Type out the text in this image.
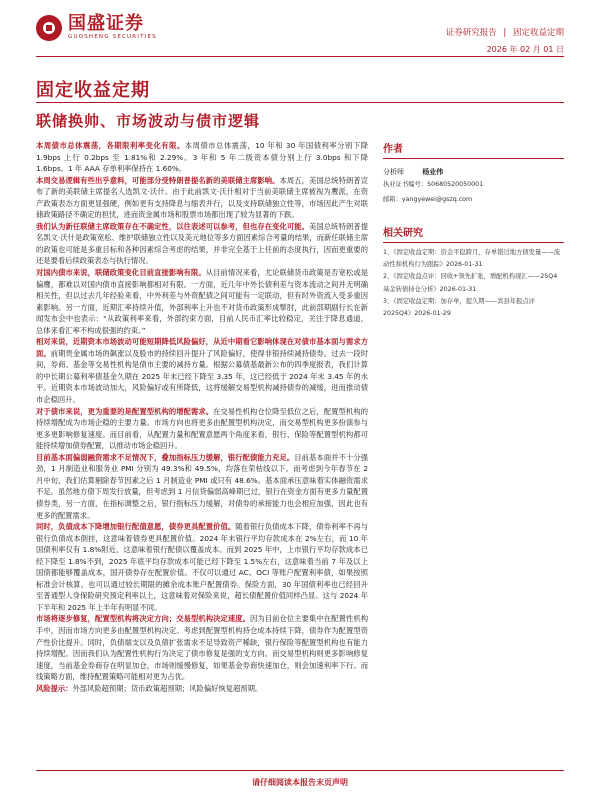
国盛证券
GUOSHENG SECURITIES	证券研究报告 | 固定收益定期
2026 年 02 月 01 日
固定收益定期
联储换帅、市场波动与债市逻辑

本周债市总体震荡，各期限利率变化有限。本周债市总体震荡，10 年和 30 年国债利率分别下降 1.9bps 上行 0.2bps 至 1.81%和 2.29%。3 年和 5 年二级资本债分别上行 3.0bps 和下降 1.6bps。1 年 AAA 存单利率保持在 1.60%。

本周交易逻辑有些出乎意料，可能部分受特朗普提名新的美联储主席影响。本周五，美国总统特朗普宣布了新的美联储主席提名人选凯文·沃什。由于此前凯文·沃什相对于当前美联储主席被视为鹰派，在资产政策表态方面更显强硬，例如更有支持降息与缩表并行，以及支持联储独立性等，市场因此产生对联储政策路径不确定的担忧，进而资金属市场和股票市场都出现了较为显著的下跌。

我们认为新任联储主席政策存在不确定性，以往表述可以参考，但也存在变化可能。美国总统特朗普提名凯文·沃什是政策宽松、维护联储独立性以及美元地位等多方面因素综合考量的结果，而新任联储主席的政策也可能是多重目标和各种因素综合考虑的结果，并非完全基于上任前的态度执行，因而更重要的还是要看后续政策表态与执行情况。

对国内债市来说，联储政策变化目前直接影响有限。从目前情况来看，尤论联储货币政策是否宽松或是偏鹰，都难以对国内债市直接影响都相对有限。一方面，近几年中外长债利差与资本流动之间并无明确相关性，但以过去几年经验来看，中外利差与外资配债之间可能有一定联动，但有时外资流入受多重因素影响。另一方面，近期汇率持续升值，外部利率上升也不对货币政策形成掣肘，此前部期副行长在新闻发布会中也表示：“从政策利率来看，外部约束方面，目前人民币汇率比较稳定，关注于降息通道，总体来看汇率不构成很强的约束。”

相对来说，近期资本市场波动可能短期降低风险偏好，从近中期看它影响体现在对债市基本面与需求方面。前期贵金属市场的飙涨以及股市的持续回升提升了风险偏好，使得非银持续减持债券。过去一段时间，券商、基金等交易性机构是债市主要的减持方量。根据公募债基最新公布的四季度报表，我们计算的中长期公募利率债基金久期在 2025 年末已经下降至 3.35 年，这已经低于 2024 年末 3.45 年的水平。近期资本市场波动加大，风险偏好或有所降低，这将缓解交易型机构减持债券的减缓，进而推动债市企稳回升。

对于债市来说，更为重要的是配置型机构的增配需求。在交易性机构仓位降至低位之后，配置型机构的持续增配成为市场企稳的主要力量。市场方向也将更多由配置型机构决定，而交易型机构更多扮演参与更多更影响修复速度。而目前看，从配置力量和配置意愿两个角度来看，银行、保险等配置型机构都可能持续增加债券配置，以推动市场企稳回升。

目前基本面偏弱融资需求不足情况下，叠加指标压力缓解，银行配债能力充足。目前基本面并不十分强劲，1 月制造业和服务业 PMI 分别为 49.3%和 49.5%，均落在荣枯线以下。而考虑到今年春节在 2 月中旬，我们估算剔除春节因素之后 1 月制造业 PMI 或只有 48.6%。基本面承压意味着实体融资需求不足。虽然地方债下周发行放量，但考虑到 1 月信贷偏弱高峰期已过，银行在资金方面有更多力量配置债券类，另一方面，在指标调整之后，银行指标压力缓解，对债券的承接能力也会相应加强，因此也有更多的配置需求。

同时，负债成本下降增加银行配债意愿，债券更具配置价值。随着银行负债成本下降，债券利率不再与银行负债成本倒挂，这意味着债券更具配置价值。2024 年末银行平均存款成本在 2%左右，而 10 年国债利率仅有 1.8%附近，这意味着银行配债以覆盖成本。而到 2025 年中，上市银行平均存款成本已经下降至 1.8%不到，2025 年底平均存款成本可能已经下降至 1.5%左右，这意味着当前 7 年及以上国债都能够覆盖成本，国开债券存在配置价值。不仅可以通过 AC、OCI 等账户配置利率债，如果按照标准会计核算，也可以通过较长期限的摊余成本账户配置债券。保险方面，30 年国债利率也已经回升至普通型人身保险研究预定利率以上，这意味着对保险来说，超长债配置价值同样凸显。这与 2024 年下半年和 2025 年上半年有明显不同。

市场将逐步修复，配置型机构将决定方向；交易型机构决定速度。因为目前仓位主要集中在配置性机构手中，因而市场方向更多由配置型机构决定。考虑到配置型机构持仓成本持续下降，债券作为配置型资产性价比提升。同时，负债端支以及负债扩张需求不足导致资产稀缺，银行保险等配置型机构也有能力持续增配。因而我们认为配置性机构行为决定了债市修复是强的支方向。而交易型机构则更多影响修复速度，当前基金券商存在明显加仓，市场则缓慢修复，如果基金券商快速加仓，则会加速利率下行。而线策略方面，维持配置策略可能相对更为占优。

风险提示：外部风险超预期；货币政策超预期；风险偏好恢复超预期。

作者
分析师	杨业伟
执业证书编号：S0680520050001
邮箱：yangyewei@gszq.com
相关研究
1、《固定收益定期：资金平稳跨月，存单错过地方债发量——流动性和机构行为跟踪》2026-01-31
2、《固定收益点评：回收+领先扩张，增配机构现汇——25Q4 基金转债持仓分析》2026-01-31
3、《固定收益定期：加存单，提久期——宾县年报点评 2025Q4》2026-01-29
请仔细阅读本报告末页声明
